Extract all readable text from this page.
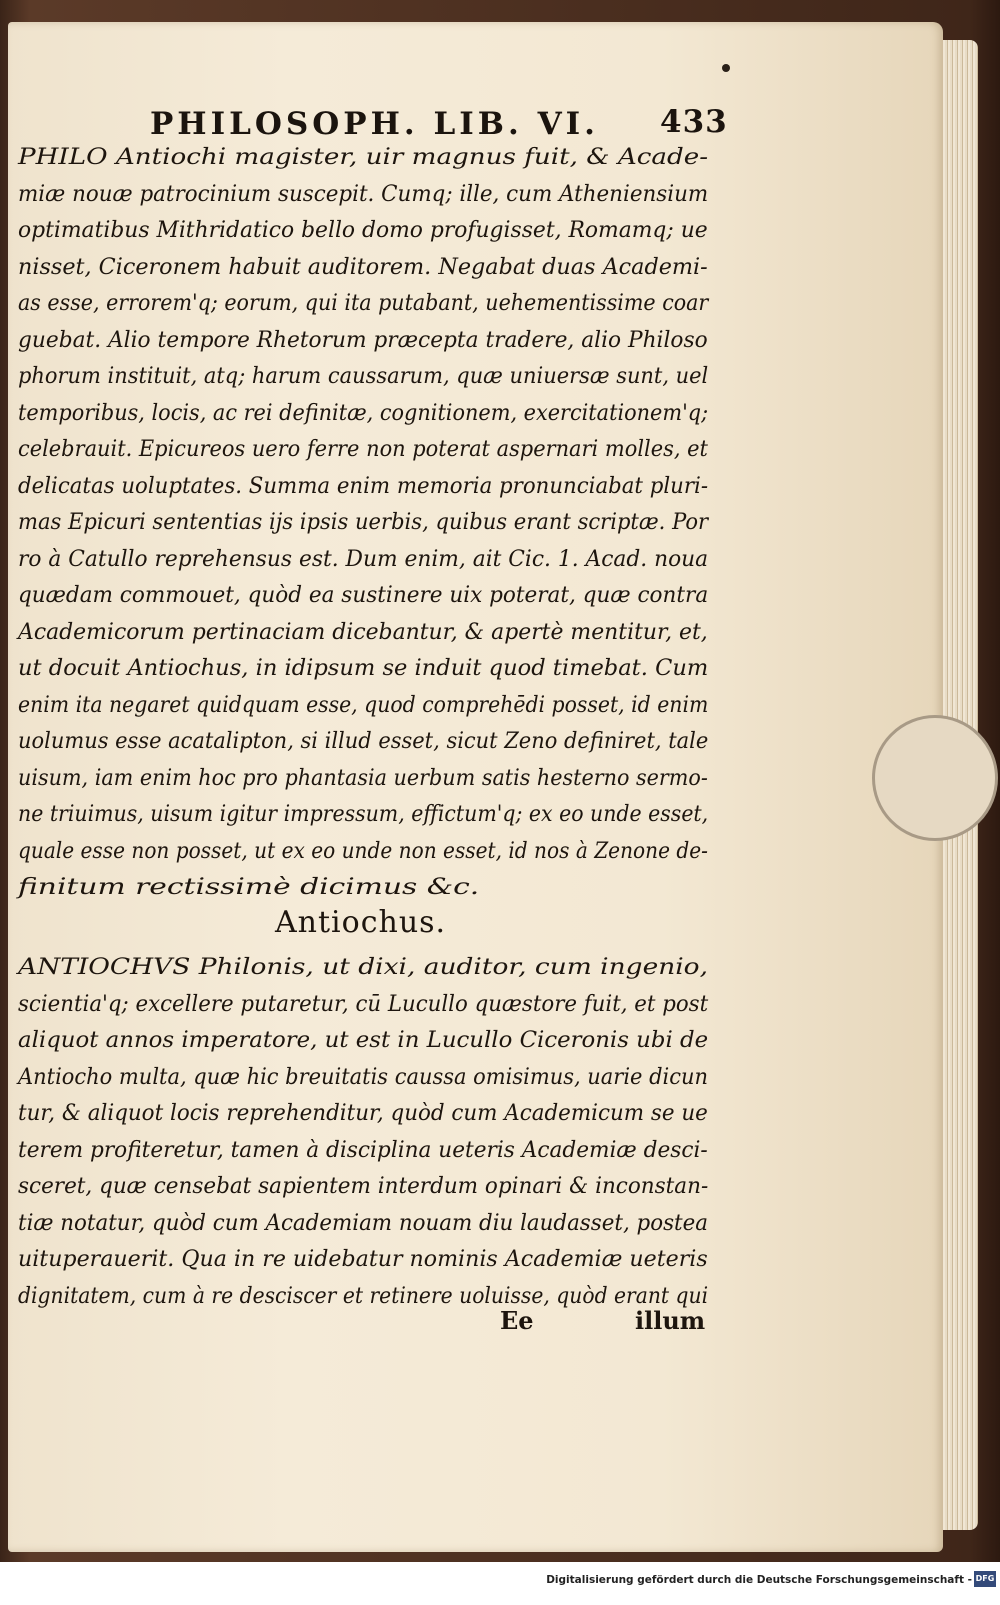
PHILOSOPH. LIB. VI. 433
PHILO Antiochi magister, uir magnus fuit, & Acade-
miæ nouæ patrocinium suscepit. Cumq; ille, cum Atheniensium
optimatibus Mithridatico bello domo profugisset, Romamq; ue
nisset, Ciceronem habuit auditorem. Negabat duas Academi-
as esse, errorem'q; eorum, qui ita putabant, uehementissime coar
guebat. Alio tempore Rhetorum præcepta tradere, alio Philoso
phorum instituit, atq; harum caussarum, quæ uniuersæ sunt, uel
temporibus, locis, ac rei definitæ, cognitionem, exercitationem'q;
celebrauit. Epicureos uero ferre non poterat aspernari molles, et
delicatas uoluptates. Summa enim memoria pronunciabat pluri-
mas Epicuri sententias ijs ipsis uerbis, quibus erant scriptæ. Por
ro à Catullo reprehensus est. Dum enim, ait Cic. 1. Acad. noua
quædam commouet, quòd ea sustinere uix poterat, quæ contra
Academicorum pertinaciam dicebantur, & apertè mentitur, et,
ut docuit Antiochus, in idipsum se induit quod timebat. Cum
enim ita negaret quidquam esse, quod comprehēdi posset, id enim
uolumus esse acatalipton, si illud esset, sicut Zeno definiret, tale
uisum, iam enim hoc pro phantasia uerbum satis hesterno sermo-
ne triuimus, uisum igitur impressum, effictum'q; ex eo unde esset,
quale esse non posset, ut ex eo unde non esset, id nos à Zenone de-
finitum rectissimè dicimus &c.
Antiochus.
ANTIOCHVS Philonis, ut dixi, auditor, cum ingenio,
scientia'q; excellere putaretur, cū Lucullo quæstore fuit, et post
aliquot annos imperatore, ut est in Lucullo Ciceronis ubi de
Antiocho multa, quæ hic breuitatis caussa omisimus, uarie dicun
tur, & aliquot locis reprehenditur, quòd cum Academicum se ue
terem profiteretur, tamen à disciplina ueteris Academiæ desci-
sceret, quæ censebat sapientem interdum opinari & inconstan-
tiæ notatur, quòd cum Academiam nouam diu laudasset, postea
uituperauerit. Qua in re uidebatur nominis Academiæ ueteris
dignitatem, cum à re desciscer et retinere uoluisse, quòd erant qui
Ee	illum
Digitalisierung gefördert durch die Deutsche Forschungsgemeinschaft - DFG
